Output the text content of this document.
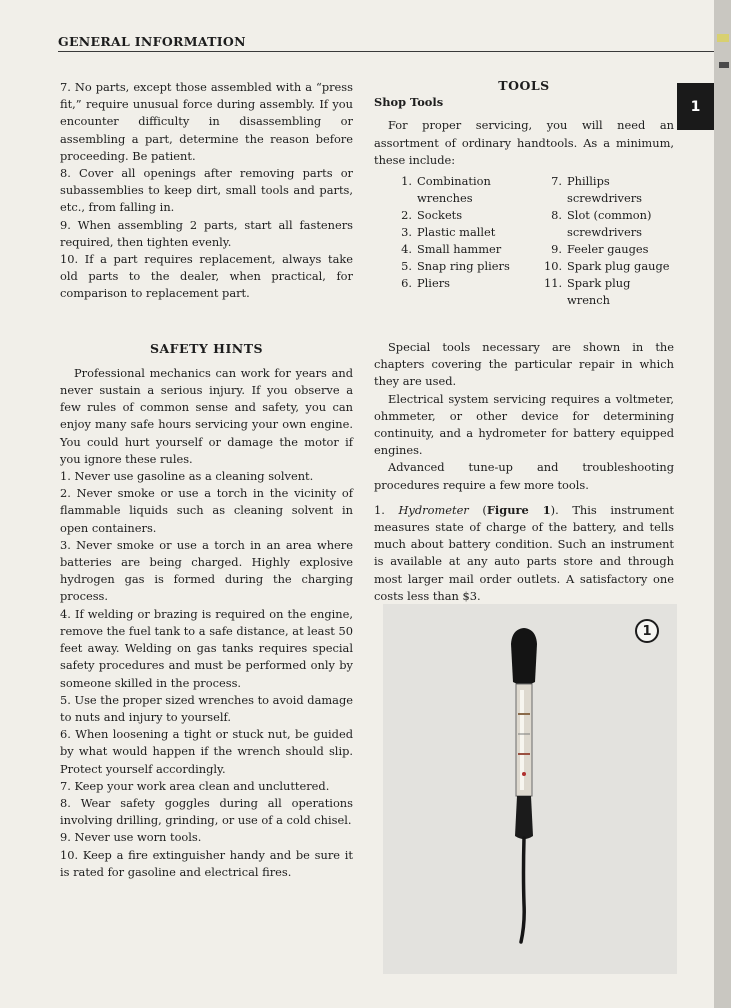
GENERAL INFORMATION
1

7. No parts, except those assembled with a “press fit,” require unusual force during assembly. If you encounter difficulty in disassembling or assembling a part, determine the reason before proceeding. Be patient.

8. Cover all openings after removing parts or subassemblies to keep dirt, small tools and parts, etc., from falling in.

9. When assembling 2 parts, start all fasteners required, then tighten evenly.

10. If a part requires replacement, always take old parts to the dealer, when practical, for comparison to replacement part.

SAFETY HINTS

Professional mechanics can work for years and never sustain a serious injury. If you observe a few rules of common sense and safety, you can enjoy many safe hours servicing your own engine. You could hurt yourself or damage the motor if you ignore these rules.

1. Never use gasoline as a cleaning solvent.

2. Never smoke or use a torch in the vicinity of flammable liquids such as cleaning solvent in open containers.

3. Never smoke or use a torch in an area where batteries are being charged. Highly explosive hydrogen gas is formed during the charging process.

4. If welding or brazing is required on the engine, remove the fuel tank to a safe distance, at least 50 feet away. Welding on gas tanks requires special safety procedures and must be performed only by someone skilled in the process.

5. Use the proper sized wrenches to avoid damage to nuts and injury to yourself.

6. When loosening a tight or stuck nut, be guided by what would happen if the wrench should slip. Protect yourself accordingly.

7. Keep your work area clean and uncluttered.

8. Wear safety goggles during all operations involving drilling, grinding, or use of a cold chisel.

9. Never use worn tools.

10. Keep a fire extinguisher handy and be sure it is rated for gasoline and electrical fires.

TOOLS

Shop Tools

For proper servicing, you will need an assortment of ordinary handtools. As a minimum, these include:

1. Combination wrenches
2. Sockets
3. Plastic mallet
4. Small hammer
5. Snap ring pliers
6. Pliers
7. Phillips screwdrivers
8. Slot (common) screwdrivers
9. Feeler gauges
10. Spark plug gauge
11. Spark plug wrench

Special tools necessary are shown in the chapters covering the particular repair in which they are used.

Electrical system servicing requires a voltmeter, ohmmeter, or other device for determining continuity, and a hydrometer for battery equipped engines.

Advanced tune-up and troubleshooting procedures require a few more tools.

1. Hydrometer (Figure 1). This instrument measures state of charge of the battery, and tells much about battery condition. Such an instrument is available at any auto parts store and through most larger mail order outlets. A satisfactory one costs less than $3.

1
